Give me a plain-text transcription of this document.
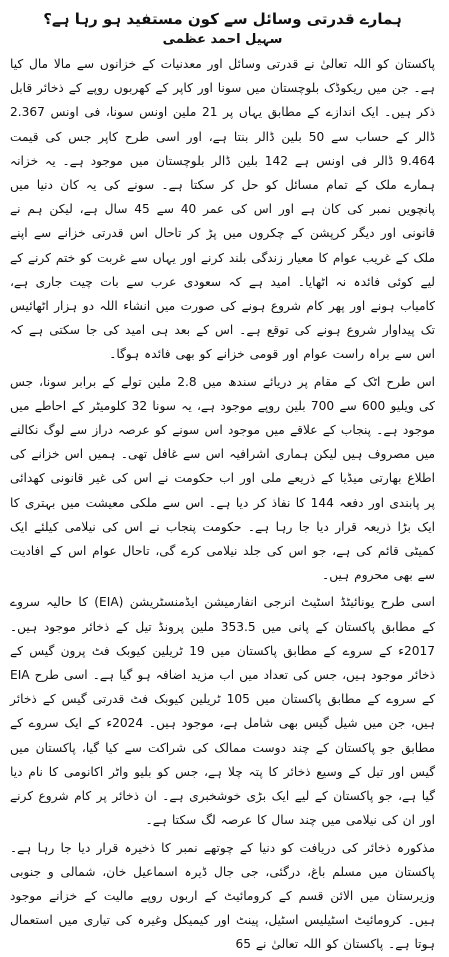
ہمارے قدرتی وسائل سے کون مستفید ہو رہا ہے؟
سہیل احمد عظمی

پاکستان کو اللہ تعالیٰ نے قدرتی وسائل اور معدنیات کے خزانوں سے مالا مال کیا ہے۔ جن میں ریکوڈک بلوچستان میں سونا اور کاپر کے کھربوں روپے کے ذخائر قابل ذکر ہیں۔ ایک اندازے کے مطابق یہاں پر 21 ملین اونس سونا، فی اونس 2.367 ڈالر کے حساب سے 50 بلین ڈالر بنتا ہے، اور اسی طرح کاپر جس کی قیمت 9.464 ڈالر فی اونس ہے 142 بلین ڈالر بلوچستان میں موجود ہے۔ یہ خزانہ ہمارے ملک کے تمام مسائل کو حل کر سکتا ہے۔ سونے کی یہ کان دنیا میں پانچویں نمبر کی کان ہے اور اس کی عمر 40 سے 45 سال ہے، لیکن ہم نے قانونی اور دیگر کرپشن کے چکروں میں پڑ کر تاحال اس قدرتی خزانے سے اپنے ملک کے غریب عوام کا معیار زندگی بلند کرنے اور یہاں سے غربت کو ختم کرنے کے لیے کوئی فائدہ نہ اٹھایا۔ امید ہے کہ سعودی عرب سے بات چیت جاری ہے، کامیاب ہونے اور پھر کام شروع ہونے کی صورت میں انشاء اللہ دو ہزار اٹھائیس تک پیداوار شروع ہونے کی توقع ہے۔ اس کے بعد ہی امید کی جا سکتی ہے کہ اس سے براہ راست عوام اور قومی خزانے کو بھی فائدہ ہوگا۔

اس طرح اٹک کے مقام پر دریائے سندھ میں 2.8 ملین تولے کے برابر سونا، جس کی ویلیو 600 سے 700 بلین روپے موجود ہے، یہ سونا 32 کلومیٹر کے احاطے میں موجود ہے۔ پنجاب کے علاقے میں موجود اس سونے کو عرصہ دراز سے لوگ نکالنے میں مصروف ہیں لیکن ہماری اشرافیہ اس سے غافل تھی۔ ہمیں اس خزانے کی اطلاع بھارتی میڈیا کے ذریعے ملی اور اب حکومت نے اس کی غیر قانونی کھدائی پر پابندی اور دفعہ 144 کا نفاذ کر دیا ہے۔ اس سے ملکی معیشت میں بہتری کا ایک بڑا ذریعہ قرار دیا جا رہا ہے۔ حکومت پنجاب نے اس کی نیلامی کیلئے ایک کمیٹی قائم کی ہے، جو اس کی جلد نیلامی کرے گی، تاحال عوام اس کے افادیت سے بھی محروم ہیں۔

اسی طرح یونائیٹڈ اسٹیٹ انرجی انفارمیشن ایڈمنسٹریشن (EIA) کا حالیہ سروے کے مطابق پاکستان کے پانی میں 353.5 ملین پرونڈ تیل کے ذخائر موجود ہیں۔ 2017ء کے سروے کے مطابق پاکستان میں 19 ٹریلین کیوبک فٹ پرون گیس کے ذخائر موجود ہیں، جس کی تعداد میں اب مزید اضافہ ہو گیا ہے۔ اسی طرح EIA کے سروے کے مطابق پاکستان میں 105 ٹریلین کیوبک فٹ قدرتی گیس کے ذخائر ہیں، جن میں شیل گیس بھی شامل ہے، موجود ہیں۔ 2024ء کے ایک سروے کے مطابق جو پاکستان کے چند دوست ممالک کی شراکت سے کیا گیا، پاکستان میں گیس اور تیل کے وسیع ذخائر کا پتہ چلا ہے، جس کو بلیو واٹر اکانومی کا نام دیا گیا ہے، جو پاکستان کے لیے ایک بڑی خوشخبری ہے۔ ان ذخائر پر کام شروع کرنے اور ان کی نیلامی میں چند سال کا عرصہ لگ سکتا ہے۔

مذکورہ ذخائر کی دریافت کو دنیا کے چوتھے نمبر کا ذخیرہ قرار دیا جا رہا ہے۔ پاکستان میں مسلم باغ، درگئی، جی جال ڈیرہ اسماعیل خان، شمالی و جنوبی وزیرستان میں الائن قسم کے کرومائیٹ کے اربوں روپے مالیت کے خزانے موجود ہیں۔ کرومائیٹ اسٹیلیس اسٹیل، پینٹ اور کیمیکل وغیرہ کی تیاری میں استعمال ہوتا ہے۔ پاکستان کو اللہ تعالیٰ نے 65
